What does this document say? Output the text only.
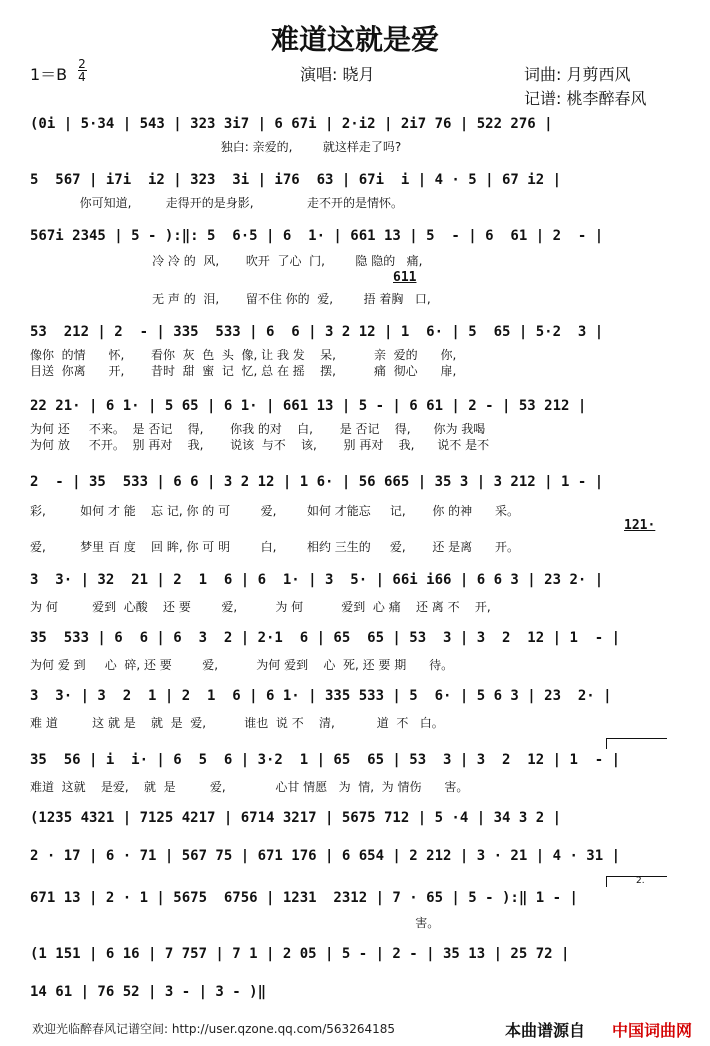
难道这就是爱
1＝B
2
4	演唱: 晓月	词曲: 月剪西风
记谱: 桃李醉春风
(0i | 5·34 | 543 | 323 3i7 | 6 67i | 2·i2 | 2i7 76 | 522 276 |
独白: 亲爱的,        就这样走了吗?
5  567 | i7i  i2 | 323  3i | i76  63 | 67i  i | 4 · 5 | 67 i2 |
你可知道,         走得开的是身影,              走不开的是情怀。
567i 2345 | 5 - ):‖: 5  6·5 | 6  1· | 661 13 | 5  - | 6  61 | 2  - |
冷 冷 的  风,       吹开  了心  门,        隐 隐的   痛,
611
无 声 的  泪,       留不住 你的  爱,        捂 着胸   口,
53  212 | 2  - | 335  533 | 6  6 | 3 2 12 | 1  6· | 5  65 | 5·2  3 |
像你  的情      怀,       看你  灰  色  头  像, 让 我 发    呆,          亲  爱的      你,
目送  你离      开,       昔时  甜  蜜  记  忆, 总 在 摇    摆,          痛  彻心      扉,
22 21· | 6 1· | 5 65 | 6 1· | 661 13 | 5 - | 6 61 | 2 - | 53 212 |
为何 还     不来。  是 否记    得,       你我 的对    白,       是 否记    得,      你为 我喝
为何 放     不开。  别 再对    我,       说该  与不    该,       别 再对    我,      说不 是不
2  - | 35  533 | 6 6 | 3 2 12 | 1 6· | 56 665 | 35 3 | 3 212 | 1 - |
彩,         如何 才 能    忘 记, 你 的 可        爱,        如何 才能忘     记,       你 的神      采。
121·
爱,         梦里 百 度    回 眸, 你 可 明        白,        相约 三生的     爱,       还 是离      开。
3  3· | 32  21 | 2  1  6 | 6  1· | 3  5· | 66i i66 | 6 6 3 | 23 2· |
为 何         爱到  心酸    还 要        爱,          为 何          爱到  心 痛    还 离 不    开,
35  533 | 6  6 | 6  3  2 | 2·1  6 | 65  65 | 53  3 | 3  2  12 | 1  - |
为何 爱 到     心  碎, 还 要        爱,          为何 爱到    心  死, 还 要 期      待。
3  3· | 3  2  1 | 2  1  6 | 6 1· | 335 533 | 5  6· | 5 6 3 | 23  2· |
难 道         这 就 是    就  是  爱,          谁也  说 不    清,           道  不   白。
35  56 | i  i· | 6  5  6 | 3·2  1 | 65  65 | 53  3 | 3  2  12 | 1  - |
难道  这就    是爱,    就  是         爱,             心甘 情愿   为  情,  为 情伤      害。
(1235 4321 | 7125 4217 | 6714 3217 | 5675 712 | 5 ·4 | 34 3 2 |
2 · 17 | 6 · 71 | 567 75 | 671 176 | 6 654 | 2 212 | 3 · 21 | 4 · 31 |
2.
671 13 | 2 · 1 | 5675  6756 | 1231  2312 | 7 · 65 | 5 - ):‖ 1 - |
害。
(1 151 | 6 16 | 7 757 | 7 1 | 2 05 | 5 - | 2 - | 35 13 | 25 72 |
14 61 | 76 52 | 3 - | 3 - )‖
欢迎光临醉春风记谱空间: http://user.qzone.qq.com/563264185	本曲谱源自 中国词曲网
